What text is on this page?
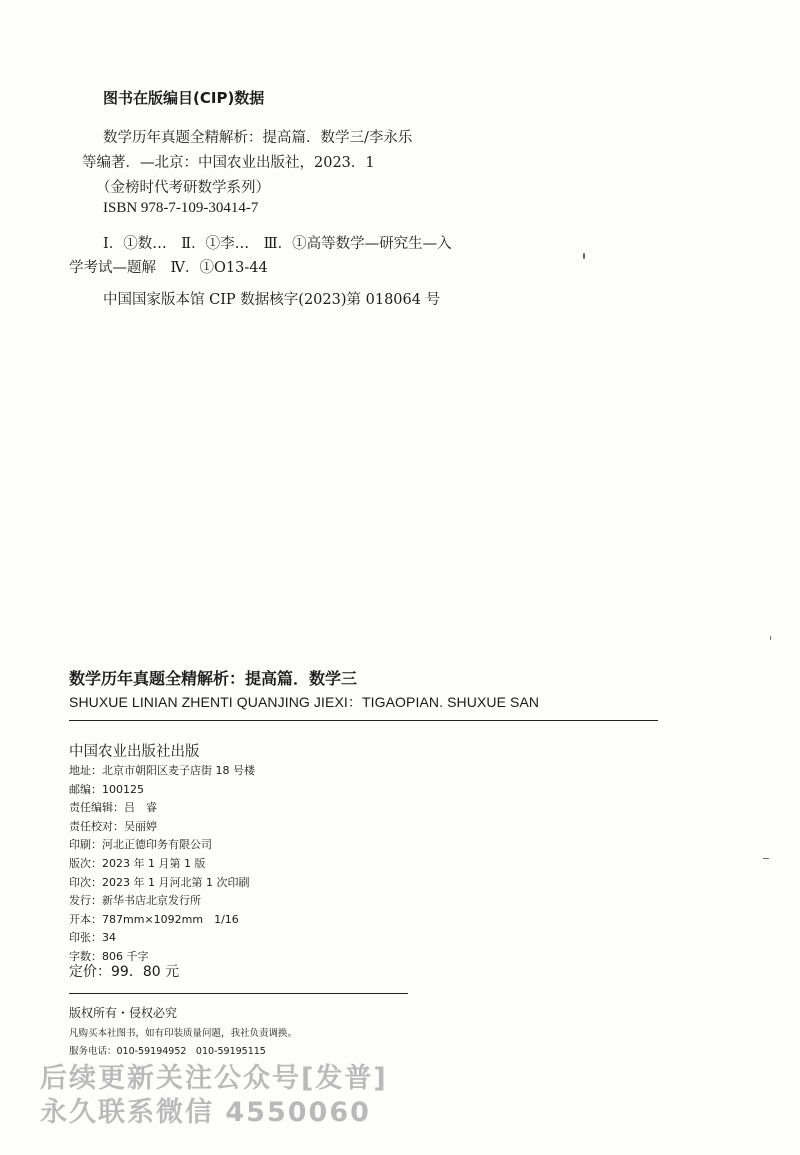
图书在版编目(CIP)数据
数学历年真题全精解析：提高篇．数学三/李永乐
等编著．—北京：中国农业出版社，2023．1
（金榜时代考研数学系列）
ISBN 978-7-109-30414-7
Ⅰ．①数…　Ⅱ．①李…　Ⅲ．①高等数学—研究生—入
学考试—题解　Ⅳ．①O13-44
中国国家版本馆 CIP 数据核字(2023)第 018064 号
数学历年真题全精解析：提高篇．数学三
SHUXUE LINIAN ZHENTI QUANJING JIEXI：TIGAOPIAN. SHUXUE SAN
中国农业出版社出版
地址：北京市朝阳区麦子店街 18 号楼
邮编：100125
责任编辑：吕　睿
责任校对：吴丽婷
印刷：河北正德印务有限公司
版次：2023 年 1 月第 1 版
印次：2023 年 1 月河北第 1 次印刷
发行：新华书店北京发行所
开本：787mm×1092mm　1/16
印张：34
字数：806 千字
定价：99．80 元
版权所有・侵权必究
凡购买本社图书，如有印装质量问题，我社负责调换。
服务电话：010-59194952　010-59195115
后续更新关注公众号[发普]
永久联系微信 4550060
